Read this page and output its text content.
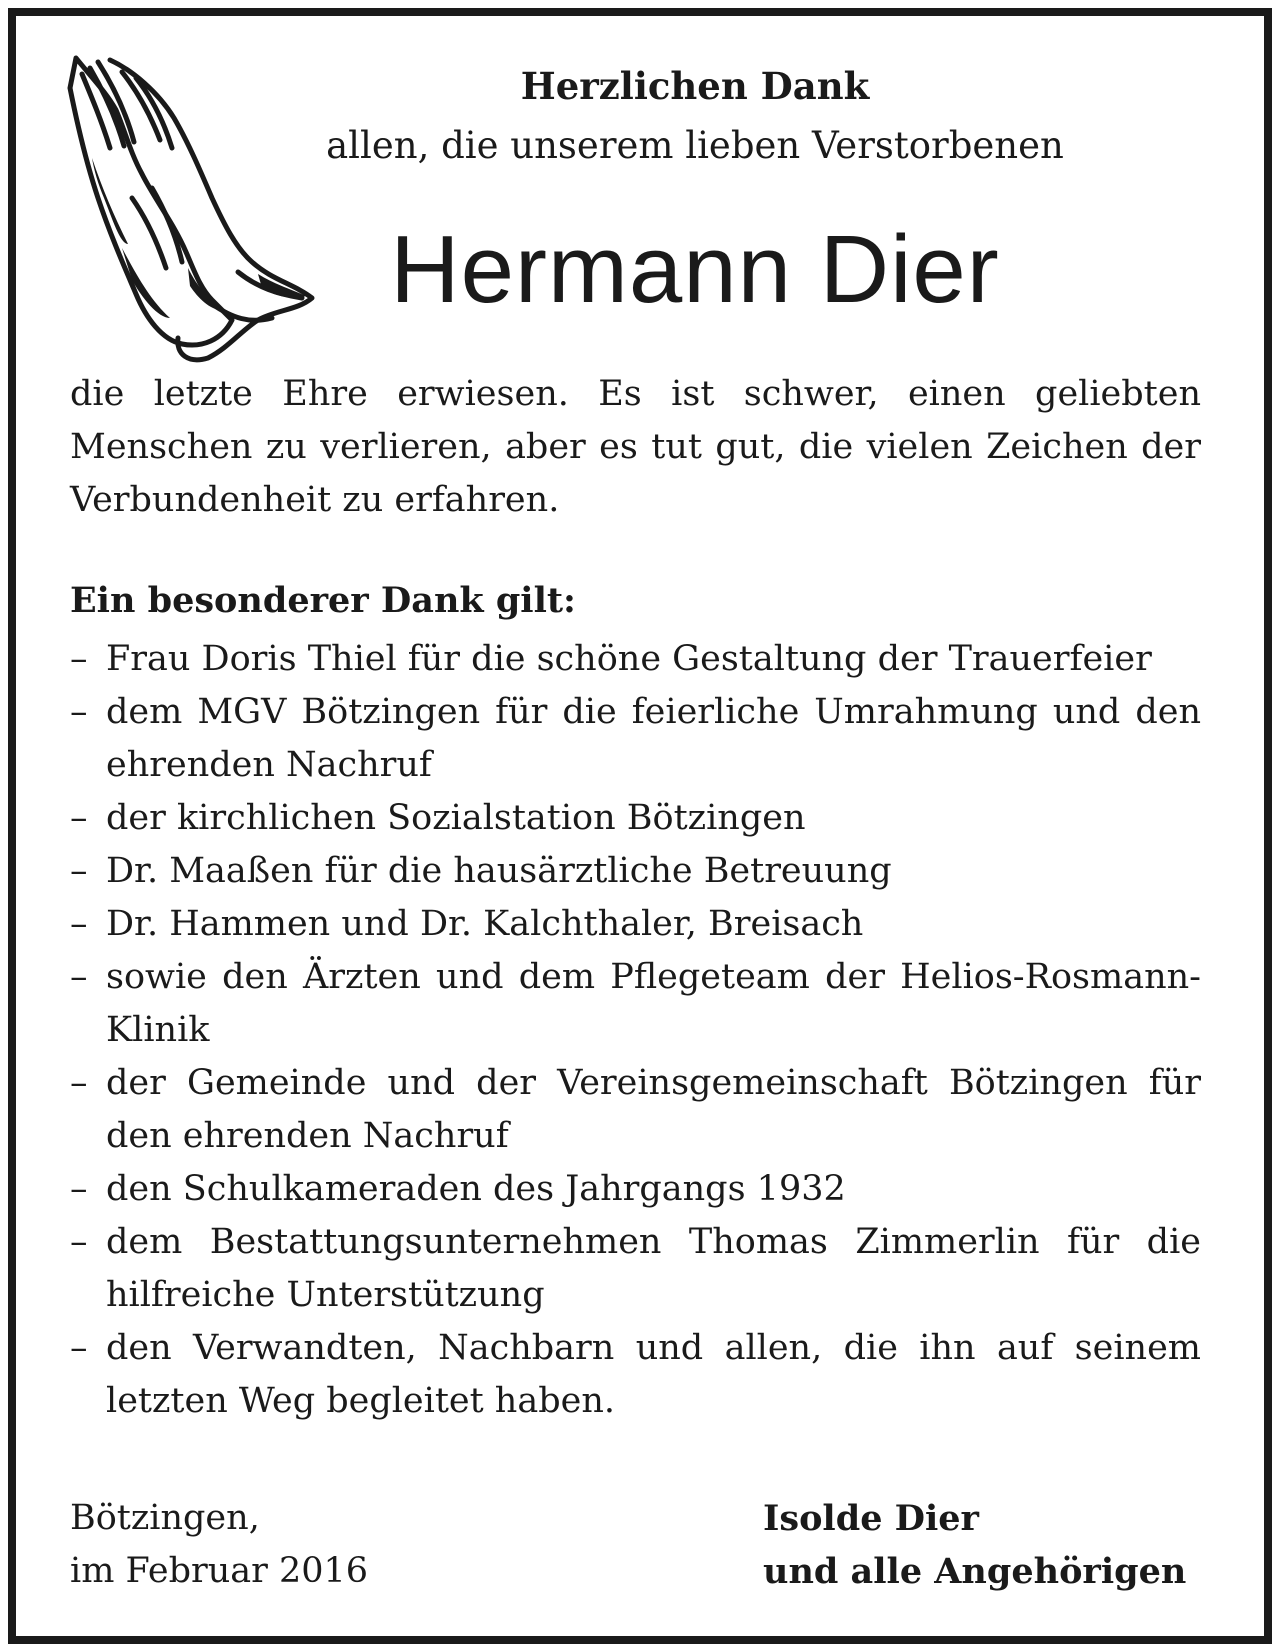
Herzlichen Dank
allen, die unserem lieben Verstorbenen
Hermann Dier

die letzte Ehre erwiesen. Es ist schwer, einen geliebten Menschen zu verlieren, aber es tut gut, die vielen Zeichen der Verbundenheit zu erfahren.

Ein besonderer Dank gilt:

– Frau Doris Thiel für die schöne Gestaltung der Trauerfeier
– dem MGV Bötzingen für die feierliche Umrahmung und den ehrenden Nachruf
– der kirchlichen Sozialstation Bötzingen
– Dr. Maaßen für die hausärztliche Betreuung
– Dr. Hammen und Dr. Kalchthaler, Breisach
– sowie den Ärzten und dem Pflegeteam der Helios-Rosmann-Klinik
– der Gemeinde und der Vereinsgemeinschaft Bötzingen für den ehrenden Nachruf
– den Schulkameraden des Jahrgangs 1932
– dem Bestattungsunternehmen Thomas Zimmerlin für die hilfreiche Unterstützung
– den Verwandten, Nachbarn und allen, die ihn auf seinem letzten Weg begleitet haben.
Bötzingen,
im Februar 2016
Isolde Dier
und alle Angehörigen
